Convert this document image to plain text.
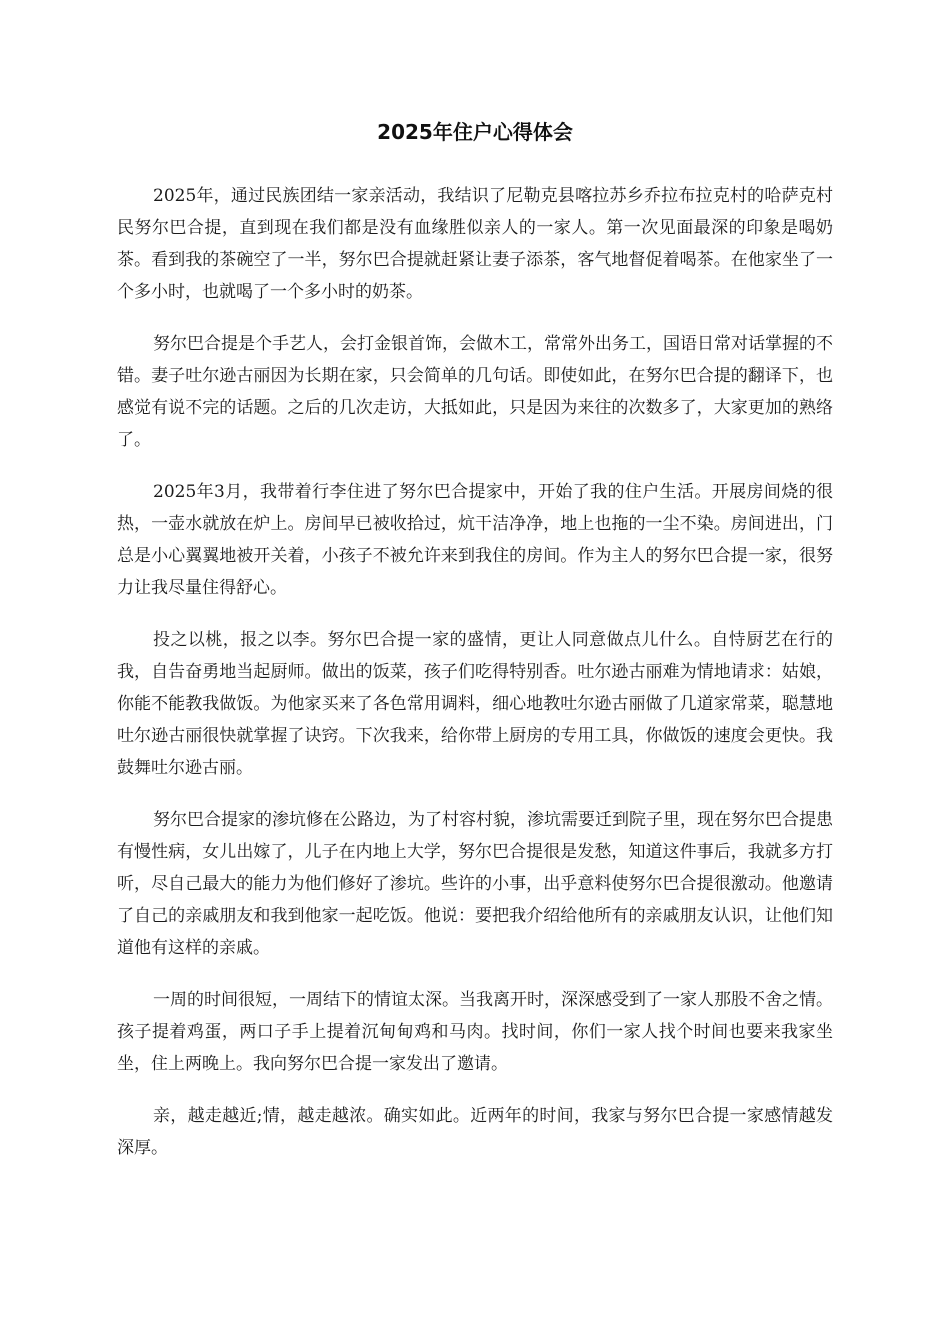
2025年住户心得体会

2025年，通过民族团结一家亲活动，我结识了尼勒克县喀拉苏乡乔拉布拉克村的哈萨克村民努尔巴合提，直到现在我们都是没有血缘胜似亲人的一家人。第一次见面最深的印象是喝奶茶。看到我的茶碗空了一半，努尔巴合提就赶紧让妻子添茶，客气地督促着喝茶。在他家坐了一个多小时，也就喝了一个多小时的奶茶。

努尔巴合提是个手艺人，会打金银首饰，会做木工，常常外出务工，国语日常对话掌握的不错。妻子吐尔逊古丽因为长期在家，只会简单的几句话。即使如此，在努尔巴合提的翻译下，也感觉有说不完的话题。之后的几次走访，大抵如此，只是因为来往的次数多了，大家更加的熟络了。

2025年3月，我带着行李住进了努尔巴合提家中，开始了我的住户生活。开展房间烧的很热，一壶水就放在炉上。房间早已被收拾过，炕干洁净净，地上也拖的一尘不染。房间进出，门总是小心翼翼地被开关着，小孩子不被允许来到我住的房间。作为主人的努尔巴合提一家，很努力让我尽量住得舒心。

投之以桃，报之以李。努尔巴合提一家的盛情，更让人同意做点儿什么。自恃厨艺在行的我，自告奋勇地当起厨师。做出的饭菜，孩子们吃得特别香。吐尔逊古丽难为情地请求：姑娘，你能不能教我做饭。为他家买来了各色常用调料，细心地教吐尔逊古丽做了几道家常菜，聪慧地吐尔逊古丽很快就掌握了诀窍。下次我来，给你带上厨房的专用工具，你做饭的速度会更快。我鼓舞吐尔逊古丽。

努尔巴合提家的渗坑修在公路边，为了村容村貌，渗坑需要迁到院子里，现在努尔巴合提患有慢性病，女儿出嫁了，儿子在内地上大学，努尔巴合提很是发愁，知道这件事后，我就多方打听，尽自己最大的能力为他们修好了渗坑。些许的小事，出乎意料使努尔巴合提很激动。他邀请了自己的亲戚朋友和我到他家一起吃饭。他说：要把我介绍给他所有的亲戚朋友认识，让他们知道他有这样的亲戚。

一周的时间很短，一周结下的情谊太深。当我离开时，深深感受到了一家人那股不舍之情。孩子提着鸡蛋，两口子手上提着沉甸甸鸡和马肉。找时间，你们一家人找个时间也要来我家坐坐，住上两晚上。我向努尔巴合提一家发出了邀请。

亲，越走越近;情，越走越浓。确实如此。近两年的时间，我家与努尔巴合提一家感情越发深厚。
